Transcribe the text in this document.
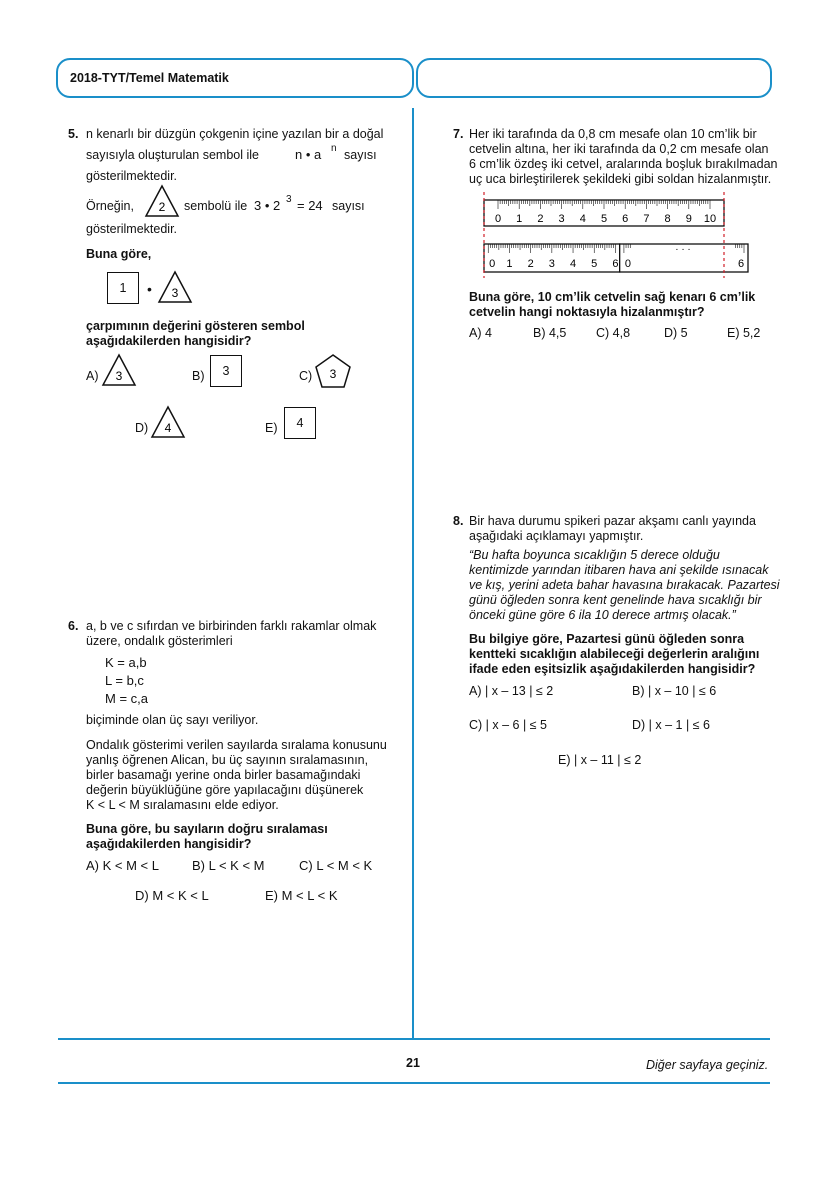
2018-TYT/Temel Matematik
5. n kenarlı bir düzgün çokgenin içine yazılan bir a doğal
sayısıyla oluşturulan sembol ile	n • a n sayısı
gösterilmektedir.
Örneğin, 2 sembolü ile 3 • 2 3 = 24 sayısı
gösterilmektedir.
Buna göre,
1 • 3
çarpımının değerini gösteren sembol
aşağıdakilerden hangisidir?
A) 3	B) 3	C) 3
D) 4	E) 4
6. a, b ve c sıfırdan ve birbirinden farklı rakamlar olmak
üzere, ondalık gösterimleri
K = a,b
L = b,c
M = c,a
biçiminde olan üç sayı veriliyor.
Ondalık gösterimi verilen sayılarda sıralama konusunu
yanlış öğrenen Alican, bu üç sayının sıralamasının,
birler basamağı yerine onda birler basamağındaki
değerin büyüklüğüne göre yapılacağını düşünerek
K < L < M sıralamasını elde ediyor.
Buna göre, bu sayıların doğru sıralaması
aşağıdakilerden hangisidir?
A) K < M < L	B) L < K < M	C) L < M < K
D) M < K < L	E) M < L < K
7. Her iki tarafında da 0,8 cm mesafe olan 10 cm’lik bir
cetvelin altına, her iki tarafında da 0,2 cm mesafe olan
6 cm’lik özdeş iki cetvel, aralarında boşluk bırakılmadan
uç uca birleştirilerek şekildeki gibi soldan hizalanmıştır.
0 1 2 3 4 5 6 7 8 9 10
0 1 2 3 4 5 6 0	6
· · ·
Buna göre, 10 cm’lik cetvelin sağ kenarı 6 cm’lik
cetvelin hangi noktasıyla hizalanmıştır?
A) 4	B) 4,5 C) 4,8	D) 5	E) 5,2
8. Bir hava durumu spikeri pazar akşamı canlı yayında
aşağıdaki açıklamayı yapmıştır.
“Bu hafta boyunca sıcaklığın 5 derece olduğu
kentimizde yarından itibaren hava ani şekilde ısınacak
ve kış, yerini adeta bahar havasına bırakacak. Pazartesi
günü öğleden sonra kent genelinde hava sıcaklığı bir
önceki güne göre 6 ila 10 derece artmış olacak.”
Bu bilgiye göre, Pazartesi günü öğleden sonra
kentteki sıcaklığın alabileceği değerlerin aralığını
ifade eden eşitsizlik aşağıdakilerden hangisidir?
A) | x – 13 | ≤ 2	B) | x – 10 | ≤ 6
C) | x – 6 | ≤ 5	D) | x – 1 | ≤ 6
E) | x – 11 | ≤ 2
21	Diğer sayfaya geçiniz.
